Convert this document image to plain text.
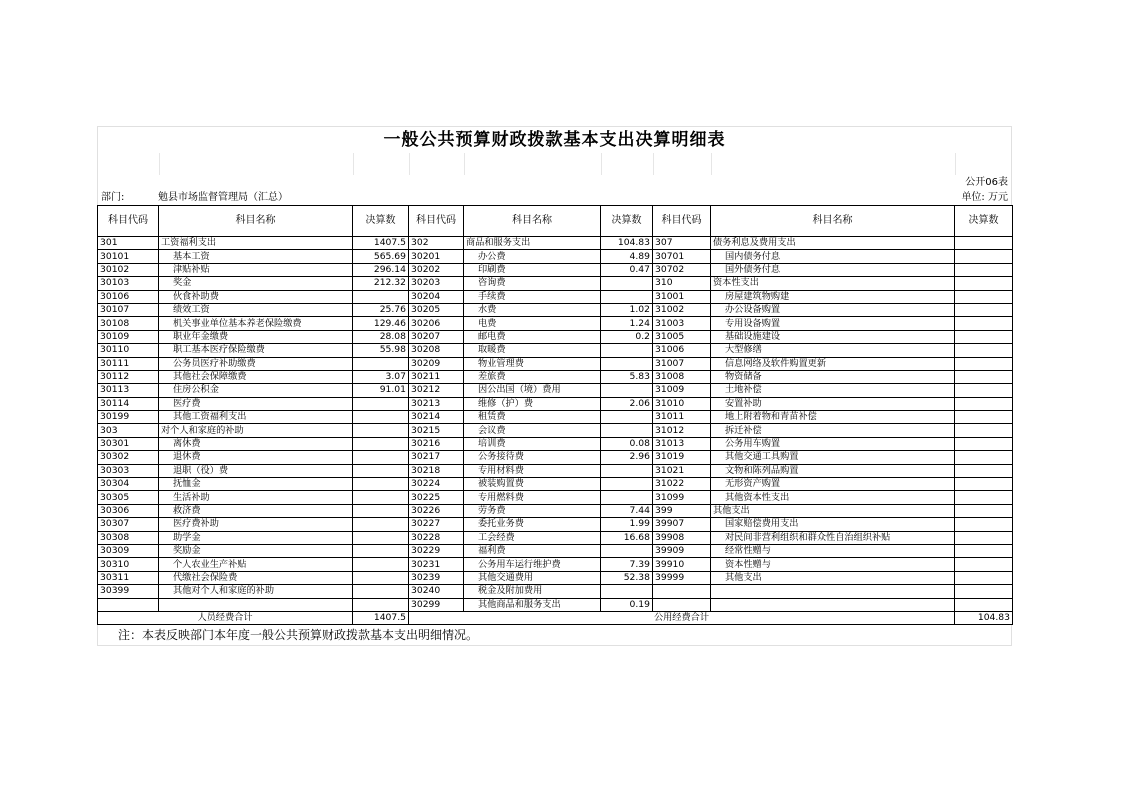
一般公共预算财政拨款基本支出决算明细表
公开06表
部门:	勉县市场监督管理局（汇总）	单位: 万元
科目代码	科目名称	决算数	科目代码	科目名称	决算数	科目代码	科目名称	决算数
301	工资福利支出	1407.5	302	商品和服务支出	104.83	307	债务利息及费用支出	
30101	基本工资	565.69	30201	办公费	4.89	30701	国内债务付息	
30102	津贴补贴	296.14	30202	印刷费	0.47	30702	国外债务付息	
30103	奖金	212.32	30203	咨询费		310	资本性支出	
30106	伙食补助费		30204	手续费		31001	房屋建筑物购建	
30107	绩效工资	25.76	30205	水费	1.02	31002	办公设备购置	
30108	机关事业单位基本养老保险缴费	129.46	30206	电费	1.24	31003	专用设备购置	
30109	职业年金缴费	28.08	30207	邮电费	0.2	31005	基础设施建设	
30110	职工基本医疗保险缴费	55.98	30208	取暖费		31006	大型修缮	
30111	公务员医疗补助缴费		30209	物业管理费		31007	信息网络及软件购置更新	
30112	其他社会保障缴费	3.07	30211	差旅费	5.83	31008	物资储备	
30113	住房公积金	91.01	30212	因公出国（境）费用		31009	土地补偿	
30114	医疗费		30213	维修（护）费	2.06	31010	安置补助	
30199	其他工资福利支出		30214	租赁费		31011	地上附着物和青苗补偿	
303	对个人和家庭的补助		30215	会议费		31012	拆迁补偿	
30301	离休费		30216	培训费	0.08	31013	公务用车购置	
30302	退休费		30217	公务接待费	2.96	31019	其他交通工具购置	
30303	退职（役）费		30218	专用材料费		31021	文物和陈列品购置	
30304	抚恤金		30224	被装购置费		31022	无形资产购置	
30305	生活补助		30225	专用燃料费		31099	其他资本性支出	
30306	救济费		30226	劳务费	7.44	399	其他支出	
30307	医疗费补助		30227	委托业务费	1.99	39907	国家赔偿费用支出	
30308	助学金		30228	工会经费	16.68	39908	对民间非营利组织和群众性自治组织补贴	
30309	奖励金		30229	福利费		39909	经常性赠与	
30310	个人农业生产补贴		30231	公务用车运行维护费	7.39	39910	资本性赠与	
30311	代缴社会保险费		30239	其他交通费用	52.38	39999	其他支出	
30399	其他对个人和家庭的补助		30240	税金及附加费用				
			30299	其他商品和服务支出	0.19			
人员经费合计		1407.5	公用经费合计					104.83
注：本表反映部门本年度一般公共预算财政拨款基本支出明细情况。
